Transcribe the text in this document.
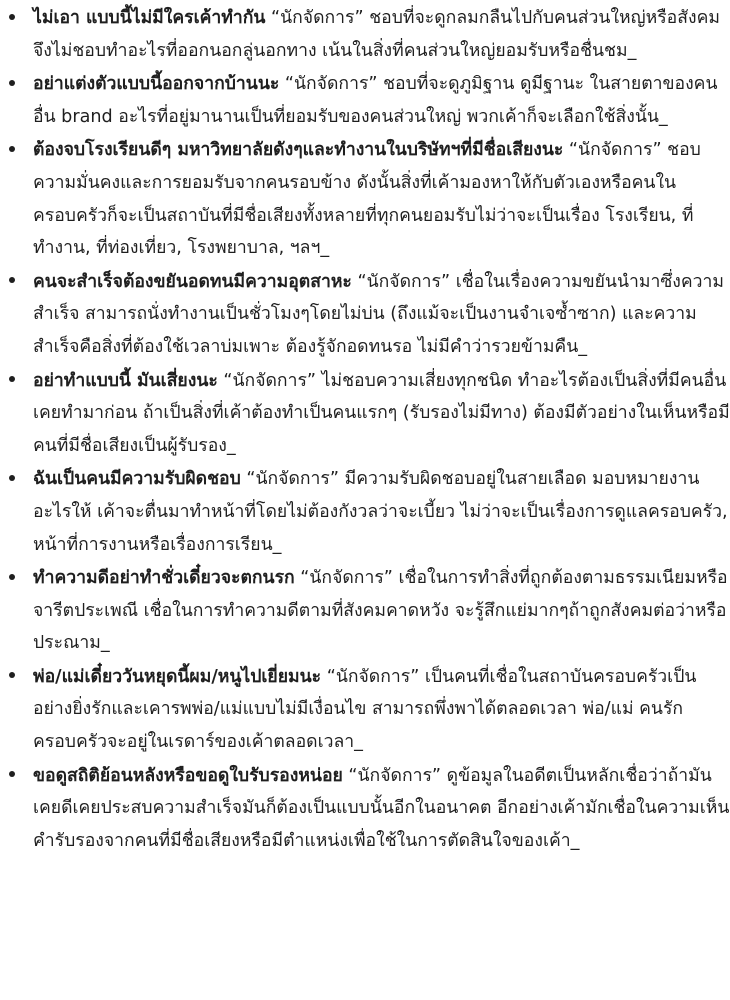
ไม่เอา แบบนี้ไม่มีใครเค้าทำกัน “นักจัดการ” ชอบที่จะดูกลมกลืนไปกับคนส่วนใหญ่หรือสังคม จึงไม่ชอบทำอะไรที่ออกนอกลู่นอกทาง เน้นในสิ่งที่คนส่วนใหญ่ยอมรับหรือชื่นชม_
อย่าแต่งตัวแบบนี้ออกจากบ้านนะ “นักจัดการ” ชอบที่จะดูภูมิฐาน ดูมีฐานะ ในสายตาของคนอื่น brand อะไรที่อยู่มานานเป็นที่ยอมรับของคนส่วนใหญ่ พวกเค้าก็จะเลือกใช้สิ่งนั้น_
ต้องจบโรงเรียนดีๆ มหาวิทยาลัยดังๆและทำงานในบริษัทฯที่มีชื่อเสียงนะ “นักจัดการ” ชอบความมั่นคงและการยอมรับจากคนรอบข้าง ดังนั้นสิ่งที่เค้ามองหาให้กับตัวเองหรือคนในครอบครัวก็จะเป็นสถาบันที่มีชื่อเสียงทั้งหลายที่ทุกคนยอมรับไม่ว่าจะเป็นเรื่อง โรงเรียน, ที่ทำงาน, ที่ท่องเที่ยว, โรงพยาบาล, ฯลฯ_
คนจะสำเร็จต้องขยันอดทนมีความอุตสาหะ “นักจัดการ” เชื่อในเรื่องความขยันนำมาซึ่งความสำเร็จ สามารถนั่งทำงานเป็นชั่วโมงๆโดยไม่บ่น (ถึงแม้จะเป็นงานจำเจซ้ำซาก) และความสำเร็จคือสิ่งที่ต้องใช้เวลาบ่มเพาะ ต้องรู้จักอดทนรอ ไม่มีคำว่ารวยข้ามคืน_
อย่าทำแบบนี้ มันเสี่ยงนะ “นักจัดการ” ไม่ชอบความเสี่ยงทุกชนิด ทำอะไรต้องเป็นสิ่งที่มีคนอื่นเคยทำมาก่อน ถ้าเป็นสิ่งที่เค้าต้องทำเป็นคนแรกๆ (รับรองไม่มีทาง) ต้องมีตัวอย่างในเห็นหรือมีคนที่มีชื่อเสียงเป็นผู้รับรอง_
ฉันเป็นคนมีความรับผิดชอบ “นักจัดการ” มีความรับผิดชอบอยู่ในสายเลือด มอบหมายงานอะไรให้ เค้าจะตื่นมาทำหน้าที่โดยไม่ต้องกังวลว่าจะเบี้ยว ไม่ว่าจะเป็นเรื่องการดูแลครอบครัว, หน้าที่การงานหรือเรื่องการเรียน_
ทำความดีอย่าทำชั่วเดี๋ยวจะตกนรก “นักจัดการ” เชื่อในการทำสิ่งที่ถูกต้องตามธรรมเนียมหรือจารีตประเพณี เชื่อในการทำความดีตามที่สังคมคาดหวัง จะรู้สึกแย่มากๆถ้าถูกสังคมต่อว่าหรือประณาม_
พ่อ/แม่เดี๋ยววันหยุดนี้ผม/หนูไปเยี่ยมนะ “นักจัดการ” เป็นคนที่เชื่อในสถาบันครอบครัวเป็นอย่างยิ่งรักและเคารพพ่อ/แม่แบบไม่มีเงื่อนไข สามารถพึ่งพาได้ตลอดเวลา พ่อ/แม่ คนรัก ครอบครัวจะอยู่ในเรดาร์ของเค้าตลอดเวลา_
ขอดูสถิติย้อนหลังหรือขอดูใบรับรองหน่อย “นักจัดการ” ดูข้อมูลในอดีตเป็นหลักเชื่อว่าถ้ามันเคยดีเคยประสบความสำเร็จมันก็ต้องเป็นแบบนั้นอีกในอนาคต อีกอย่างเค้ามักเชื่อในความเห็น คำรับรองจากคนที่มีชื่อเสียงหรือมีตำแหน่งเพื่อใช้ในการตัดสินใจของเค้า_
